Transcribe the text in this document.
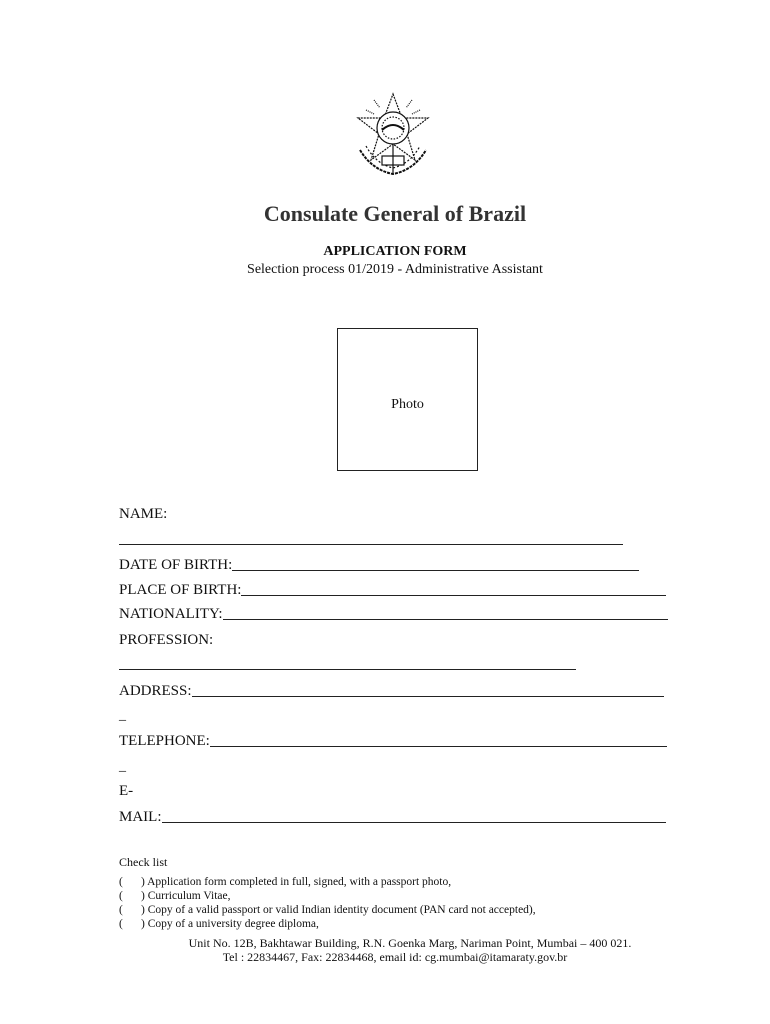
Consulate General of Brazil
APPLICATION FORM
Selection process 01/2019 - Administrative Assistant
Photo
NAME:
DATE OF BIRTH:
PLACE OF BIRTH:
NATIONALITY:
PROFESSION:
ADDRESS:
_
TELEPHONE:
_
E-
MAIL:
Check list
( ) Application form completed in full, signed, with a passport photo,
( ) Curriculum Vitae,
( ) Copy of a valid passport or valid Indian identity document (PAN card not accepted),
( ) Copy of a university degree diploma,
Unit No. 12B, Bakhtawar Building, R.N. Goenka Marg, Nariman Point, Mumbai – 400 021.
Tel : 22834467, Fax: 22834468, email id: cg.mumbai@itamaraty.gov.br
